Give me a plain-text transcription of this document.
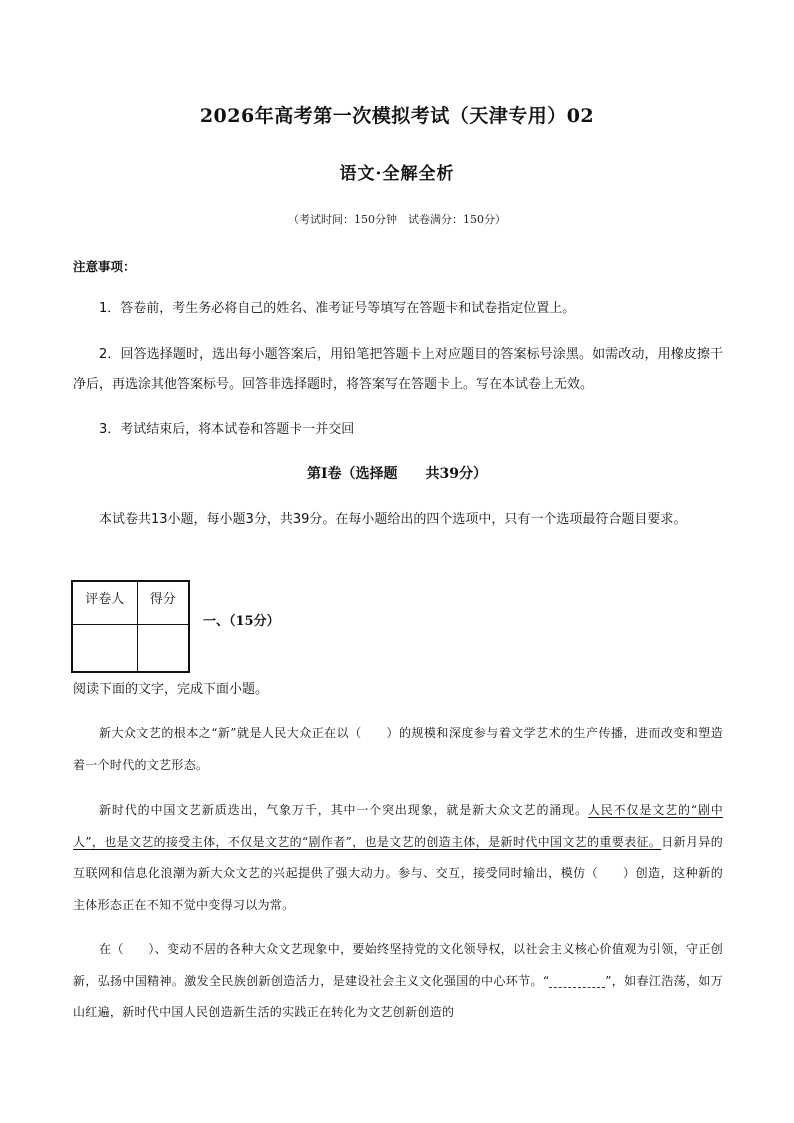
2026年高考第一次模拟考试（天津专用）02
语文·全解全析
（考试时间：150分钟　试卷满分：150分）
注意事项：
1．答卷前，考生务必将自己的姓名、准考证号等填写在答题卡和试卷指定位置上。
2．回答选择题时，选出每小题答案后，用铅笔把答题卡上对应题目的答案标号涂黑。如需改动，用橡皮擦干净后，再选涂其他答案标号。回答非选择题时，将答案写在答题卡上。写在本试卷上无效。
3．考试结束后，将本试卷和答题卡一并交回
第Ⅰ卷（选择题 共39分）
本试卷共13小题，每小题3分，共39分。在每小题给出的四个选项中，只有一个选项最符合题目要求。
评卷人	得分

一、（15分）
阅读下面的文字，完成下面小题。
新大众文艺的根本之“新”就是人民大众正在以（　　）的规模和深度参与着文学艺术的生产传播，进而改变和塑造着一个时代的文艺形态。
新时代的中国文艺新质迭出，气象万千，其中一个突出现象，就是新大众文艺的涌现。人民不仅是文艺的“剧中人”，也是文艺的接受主体，不仅是文艺的“剧作者”，也是文艺的创造主体，是新时代中国文艺的重要表征。日新月异的互联网和信息化浪潮为新大众文艺的兴起提供了强大动力。参与、交互，接受同时输出，模仿（　　）创造，这种新的主体形态正在不知不觉中变得习以为常。
在（　　）、变动不居的各种大众文艺现象中，要始终坚持党的文化领导权，以社会主义核心价值观为引领，守正创新，弘扬中国精神。激发全民族创新创造活力，是建设社会主义文化强国的中心环节。“	”，如春江浩荡，如万山红遍，新时代中国人民创造新生活的实践正在转化为文艺创新创造的
